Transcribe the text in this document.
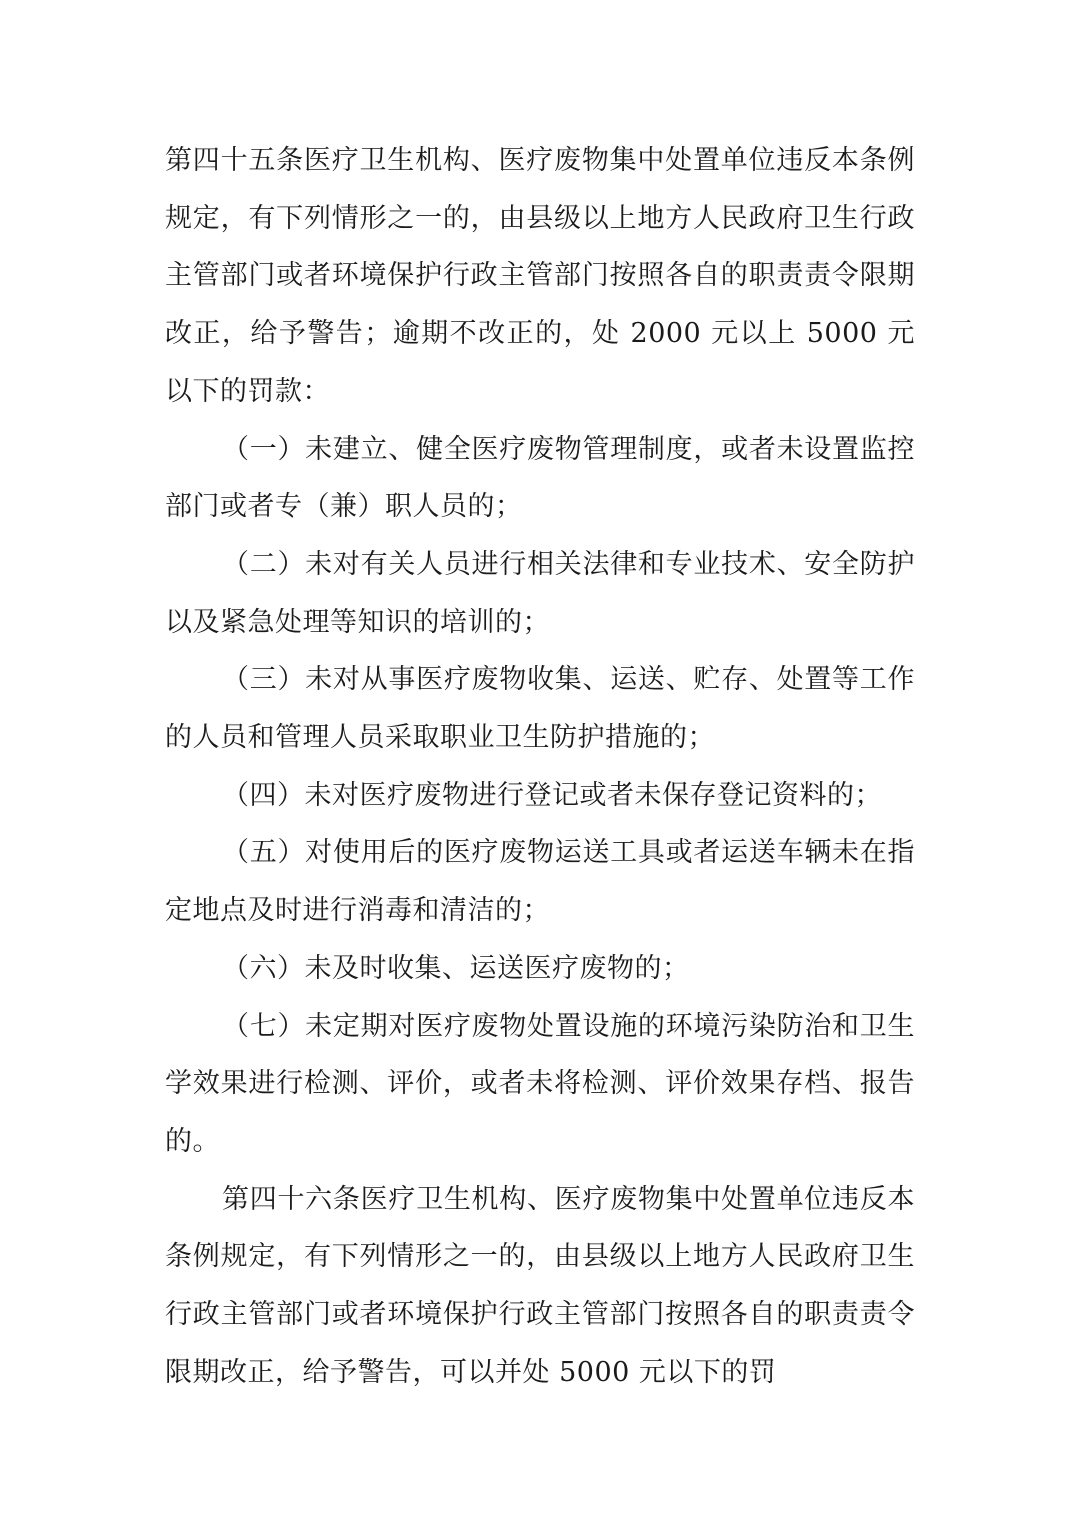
第四十五条医疗卫生机构、医疗废物集中处置单位违反本条例规定，有下列情形之一的，由县级以上地方人民政府卫生行政主管部门或者环境保护行政主管部门按照各自的职责责令限期改正，给予警告；逾期不改正的，处 2000 元以上 5000 元以下的罚款：

（一）未建立、健全医疗废物管理制度，或者未设置监控部门或者专（兼）职人员的；

（二）未对有关人员进行相关法律和专业技术、安全防护以及紧急处理等知识的培训的；

（三）未对从事医疗废物收集、运送、贮存、处置等工作的人员和管理人员采取职业卫生防护措施的；

（四）未对医疗废物进行登记或者未保存登记资料的；

（五）对使用后的医疗废物运送工具或者运送车辆未在指定地点及时进行消毒和清洁的；

（六）未及时收集、运送医疗废物的；

（七）未定期对医疗废物处置设施的环境污染防治和卫生学效果进行检测、评价，或者未将检测、评价效果存档、报告的。

第四十六条医疗卫生机构、医疗废物集中处置单位违反本条例规定，有下列情形之一的，由县级以上地方人民政府卫生行政主管部门或者环境保护行政主管部门按照各自的职责责令限期改正，给予警告，可以并处 5000 元以下的罚
